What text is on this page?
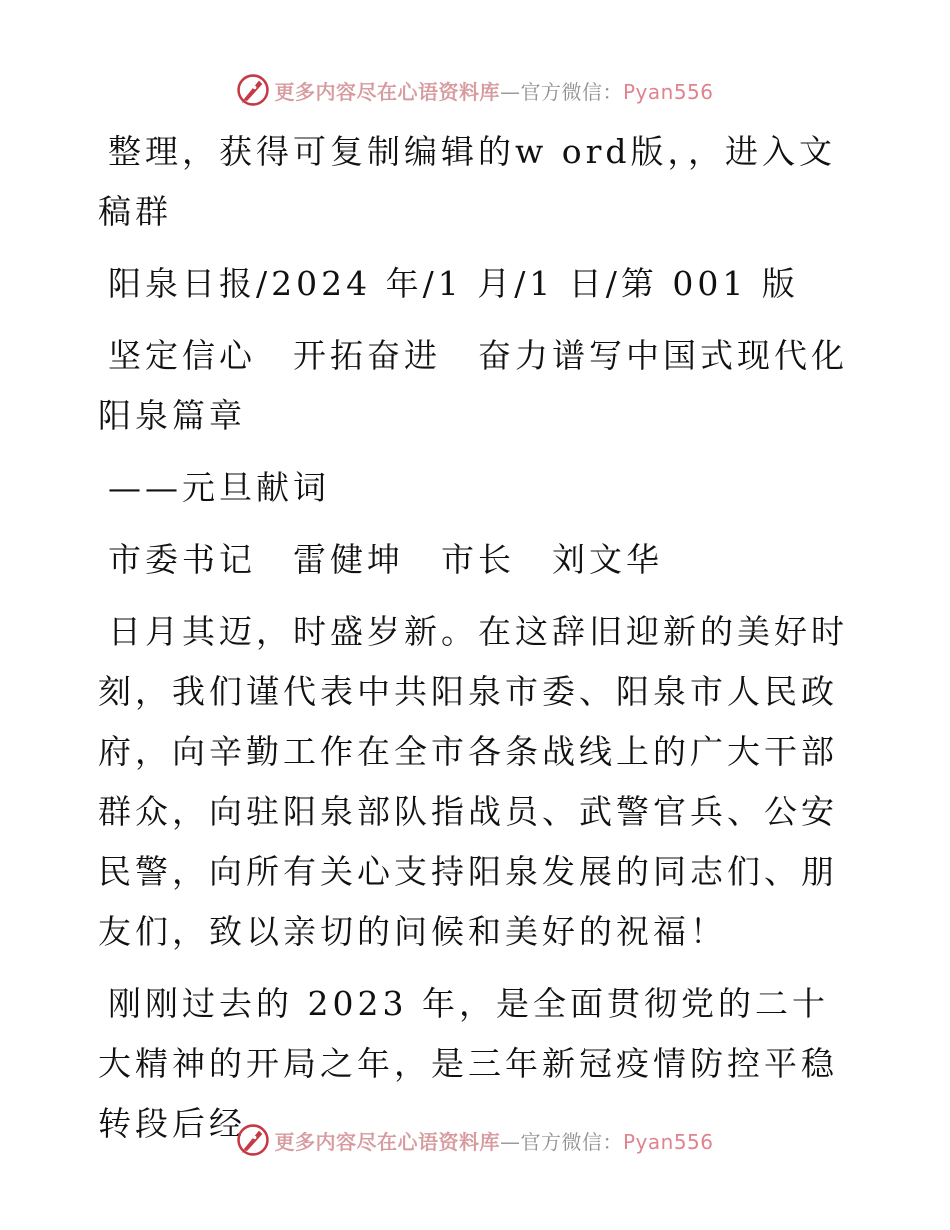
更多内容尽在心语资料库—官方微信：Pyan556

整理，获得可复制编辑的w ord版，，进入文稿群

阳泉日报/2024 年/1 月/1 日/第 001 版

坚定信心　开拓奋进　奋力谱写中国式现代化阳泉篇章

——元旦献词

市委书记　雷健坤　市长　刘文华

日月其迈，时盛岁新。在这辞旧迎新的美好时刻，我们谨代表中共阳泉市委、阳泉市人民政府，向辛勤工作在全市各条战线上的广大干部群众，向驻阳泉部队指战员、武警官兵、公安民警，向所有关心支持阳泉发展的同志们、朋友们，致以亲切的问候和美好的祝福！

刚刚过去的 2023 年，是全面贯彻党的二十大精神的开局之年，是三年新冠疫情防控平稳转段后经	更多内容尽在心语资料库—官方微信：Pyan556
